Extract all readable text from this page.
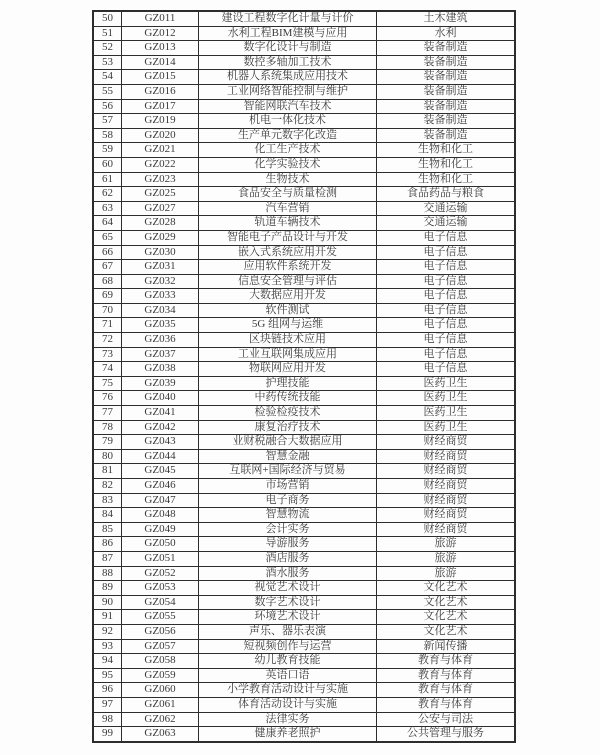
50	GZ011	建设工程数字化计量与计价	土木建筑
51	GZ012	水利工程BIM建模与应用	水利
52	GZ013	数字化设计与制造	装备制造
53	GZ014	数控多轴加工技术	装备制造
54	GZ015	机器人系统集成应用技术	装备制造
55	GZ016	工业网络智能控制与维护	装备制造
56	GZ017	智能网联汽车技术	装备制造
57	GZ019	机电一体化技术	装备制造
58	GZ020	生产单元数字化改造	装备制造
59	GZ021	化工生产技术	生物和化工
60	GZ022	化学实验技术	生物和化工
61	GZ023	生物技术	生物和化工
62	GZ025	食品安全与质量检测	食品药品与粮食
63	GZ027	汽车营销	交通运输
64	GZ028	轨道车辆技术	交通运输
65	GZ029	智能电子产品设计与开发	电子信息
66	GZ030	嵌入式系统应用开发	电子信息
67	GZ031	应用软件系统开发	电子信息
68	GZ032	信息安全管理与评估	电子信息
69	GZ033	大数据应用开发	电子信息
70	GZ034	软件测试	电子信息
71	GZ035	5G 组网与运维	电子信息
72	GZ036	区块链技术应用	电子信息
73	GZ037	工业互联网集成应用	电子信息
74	GZ038	物联网应用开发	电子信息
75	GZ039	护理技能	医药卫生
76	GZ040	中药传统技能	医药卫生
77	GZ041	检验检疫技术	医药卫生
78	GZ042	康复治疗技术	医药卫生
79	GZ043	业财税融合大数据应用	财经商贸
80	GZ044	智慧金融	财经商贸
81	GZ045	互联网+国际经济与贸易	财经商贸
82	GZ046	市场营销	财经商贸
83	GZ047	电子商务	财经商贸
84	GZ048	智慧物流	财经商贸
85	GZ049	会计实务	财经商贸
86	GZ050	导游服务	旅游
87	GZ051	酒店服务	旅游
88	GZ052	酒水服务	旅游
89	GZ053	视觉艺术设计	文化艺术
90	GZ054	数字艺术设计	文化艺术
91	GZ055	环境艺术设计	文化艺术
92	GZ056	声乐、器乐表演	文化艺术
93	GZ057	短视频创作与运营	新闻传播
94	GZ058	幼儿教育技能	教育与体育
95	GZ059	英语口语	教育与体育
96	GZ060	小学教育活动设计与实施	教育与体育
97	GZ061	体育活动设计与实施	教育与体育
98	GZ062	法律实务	公安与司法
99	GZ063	健康养老照护	公共管理与服务
